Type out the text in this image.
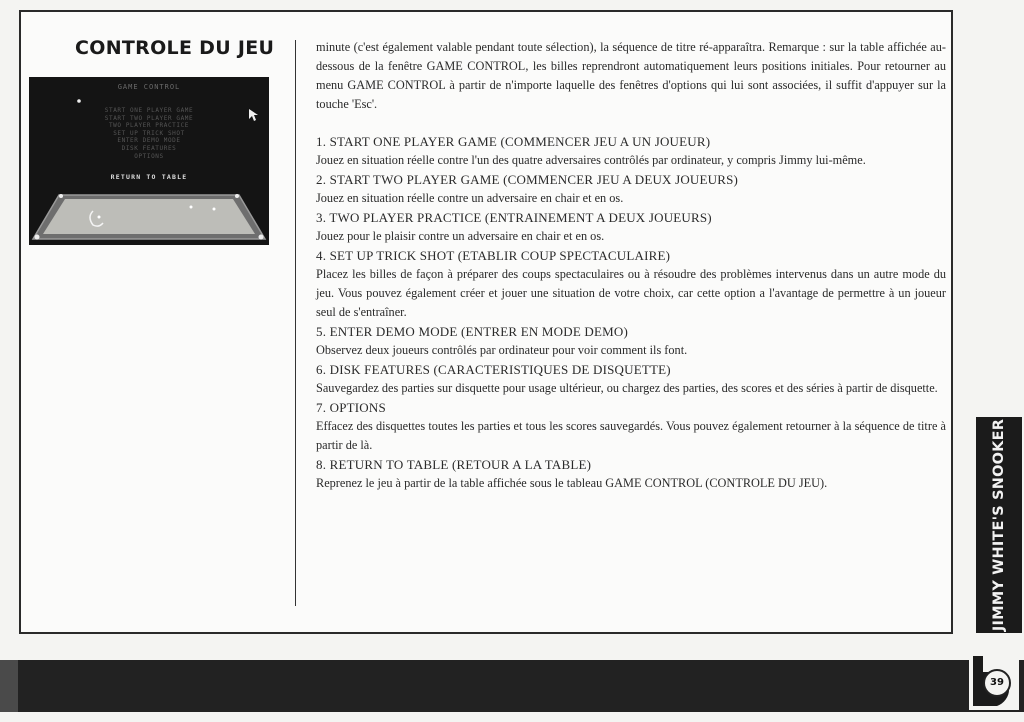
CONTROLE DU JEU
GAME CONTROL
START ONE PLAYER GAME
START TWO PLAYER GAME
TWO PLAYER PRACTICE
SET UP TRICK SHOT
ENTER DEMO MODE
DISK FEATURES
OPTIONS
RETURN TO TABLE

minute (c'est également valable pendant toute sélection), la séquence de titre ré-apparaîtra. Remarque : sur la table affichée au-dessous de la fenêtre GAME CONTROL, les billes reprendront automatiquement leurs positions initiales. Pour retourner au menu GAME CONTROL à partir de n'importe laquelle des fenêtres d'options qui lui sont associées, il suffit d'appuyer sur la touche 'Esc'.

1. START ONE PLAYER GAME (COMMENCER JEU A UN JOUEUR)

Jouez en situation réelle contre l'un des quatre adversaires contrôlés par ordinateur, y compris Jimmy lui-même.

2. START TWO PLAYER GAME (COMMENCER JEU A DEUX JOUEURS)

Jouez en situation réelle contre un adversaire en chair et en os.

3. TWO PLAYER PRACTICE (ENTRAINEMENT A DEUX JOUEURS)

Jouez pour le plaisir contre un adversaire en chair et en os.

4. SET UP TRICK SHOT (ETABLIR COUP SPECTACULAIRE)

Placez les billes de façon à préparer des coups spectaculaires ou à résoudre des problèmes intervenus dans un autre mode du jeu. Vous pouvez également créer et jouer une situation de votre choix, car cette option a l'avantage de permettre à un joueur seul de s'entraîner.

5. ENTER DEMO MODE (ENTRER EN MODE DEMO)

Observez deux joueurs contrôlés par ordinateur pour voir comment ils font.

6. DISK FEATURES (CARACTERISTIQUES DE DISQUETTE)

Sauvegardez des parties sur disquette pour usage ultérieur, ou chargez des parties, des scores et des séries à partir de disquette.

7. OPTIONS

Effacez des disquettes toutes les parties et tous les scores sauvegardés. Vous pouvez également retourner à la séquence de titre à partir de là.

8. RETURN TO TABLE (RETOUR A LA TABLE)

Reprenez le jeu à partir de la table affichée sous le tableau GAME CONTROL (CONTROLE DU JEU).	JIMMY WHITE'S SNOOKER
39
